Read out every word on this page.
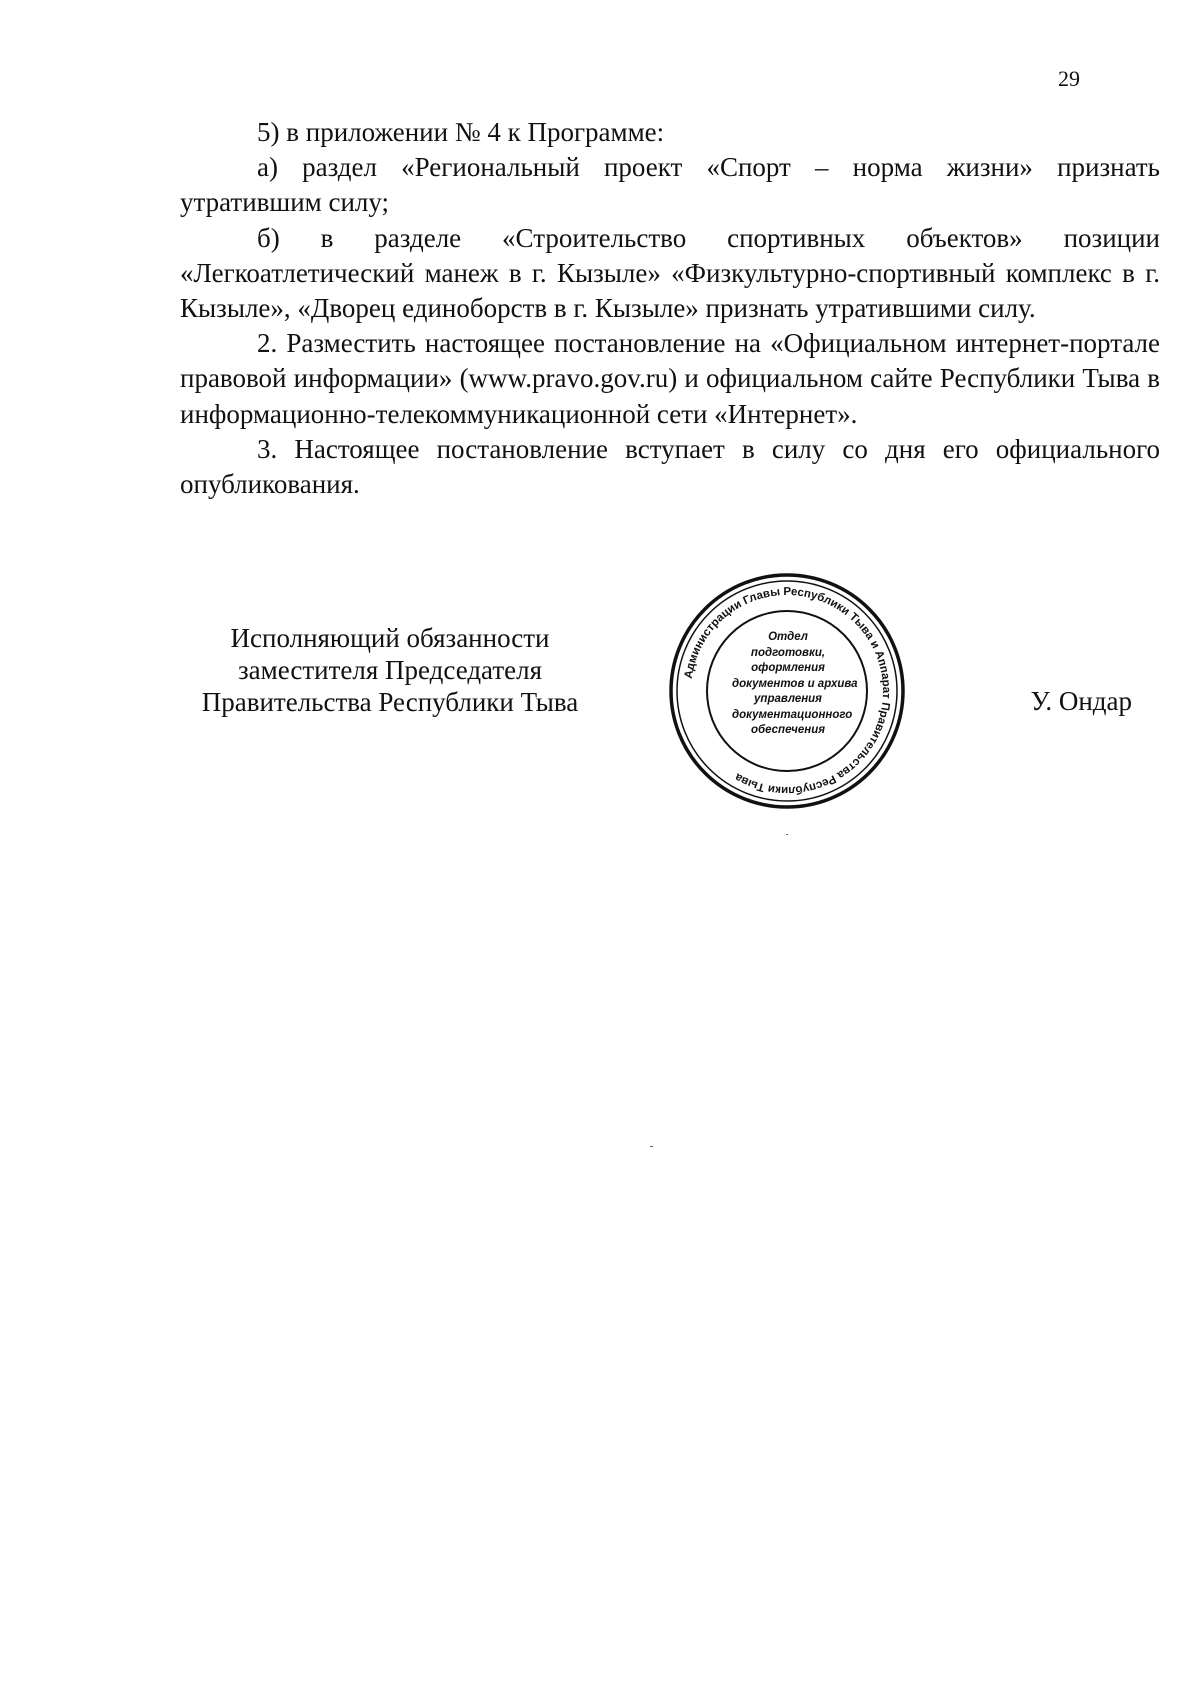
29

5) в приложении № 4 к Программе:

а) раздел «Региональный проект «Спорт – норма жизни» признать утратившим силу;

б) в разделе «Строительство спортивных объектов» позиции «Легкоатлетический манеж в г. Кызыле» «Физкультурно-спортивный комплекс в г. Кызыле», «Дворец единоборств в г. Кызыле» признать утратившими силу.

2. Разместить настоящее постановление на «Официальном интернет-портале правовой информации» (www.pravo.gov.ru) и официальном сайте Республики Тыва в информационно-телекоммуникационной сети «Интернет».

3. Настоящее постановление вступает в силу со дня его официального опубликования.

Исполняющий обязанности
заместителя Председателя
Правительства Республики Тыва	У. Ондар
Администрации Главы Республики Тыва и Аппарат Правительства Республики Тыва
Отдел
подготовки,
оформления
документов и архива
управления
документационного
обеспечения
